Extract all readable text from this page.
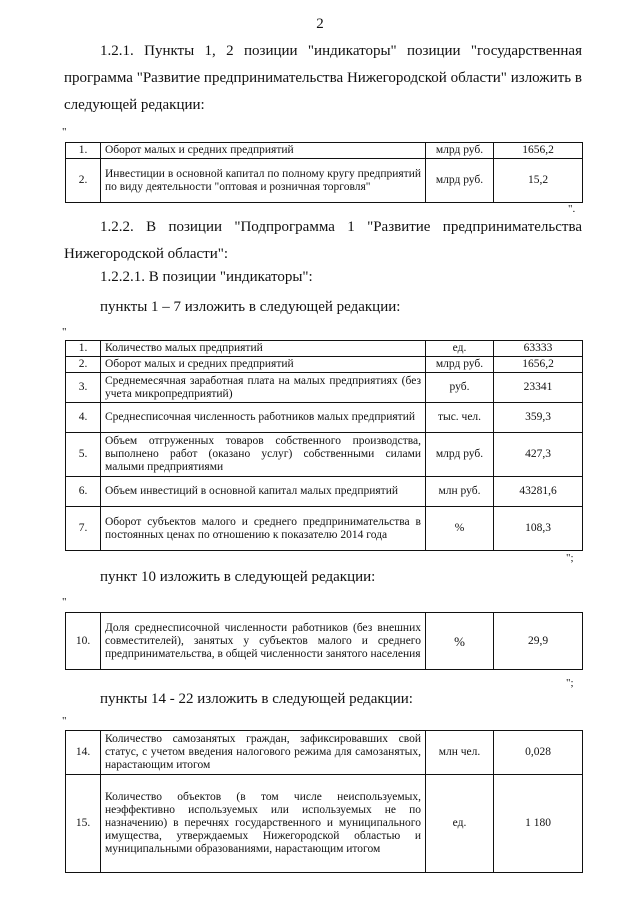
2

1.2.1. Пункты 1, 2 позиции "индикаторы" позиции "государственная программа "Развитие предпринимательства Нижегородской области" изложить в следующей редакции:

"
1.	Оборот малых и средних предприятий	млрд руб.	1656,2
2.	Инвестиции в основной капитал по полному кругу предприятий по виду деятельности "оптовая и розничная торговля"	млрд руб.	15,2
".

1.2.2. В позиции "Подпрограмма 1 "Развитие предпринимательства Нижегородской области":

1.2.2.1. В позиции "индикаторы":

пункты 1 – 7 изложить в следующей редакции:

"
1.	Количество малых предприятий	ед.	63333
2.	Оборот малых и средних предприятий	млрд руб.	1656,2
3.	Среднемесячная заработная плата на малых предприятиях (без учета микропредприятий)	руб.	23341
4.	Среднесписочная численность работников малых предприятий	тыс. чел.	359,3
5.	Объем отгруженных товаров собственного производства, выполнено работ (оказано услуг) собственными силами малыми предприятиями	млрд руб.	427,3
6.	Объем инвестиций в основной капитал малых предприятий	млн руб.	43281,6
7.	Оборот субъектов малого и среднего предпринимательства в постоянных ценах по отношению к показателю 2014 года	%	108,3
";

пункт 10 изложить в следующей редакции:

"
10.	Доля среднесписочной численности работников (без внешних совместителей), занятых у субъектов малого и среднего предпринимательства, в общей численности занятого населения	%	29,9
";

пункты 14 - 22 изложить в следующей редакции:

"
14.	Количество самозанятых граждан, зафиксировавших свой статус, с учетом введения налогового режима для самозанятых, нарастающим итогом	млн чел.	0,028
15.	Количество объектов (в том числе неиспользуемых, неэффективно используемых или используемых не по назначению) в перечнях государственного и муниципального имущества, утверждаемых Нижегородской областью и муниципальными образованиями, нарастающим итогом	ед.	1 180
